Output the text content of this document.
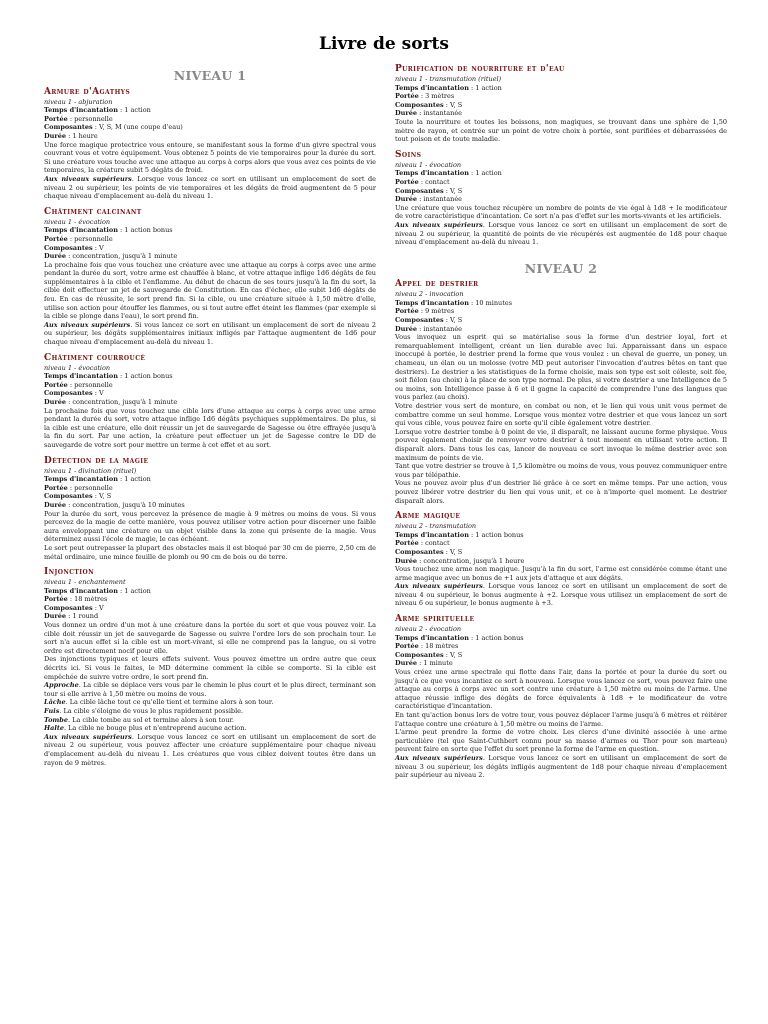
Livre de sorts
NIVEAU 1
Armure d'Agathys
niveau 1 - abjuration
Temps d'incantation : 1 action
Portée : personnelle
Composantes : V, S, M (une coupe d'eau)
Durée : 1 heure

Une force magique protectrice vous entoure, se manifestant sous la forme d'un givre spectral vous couvrant vous et votre équipement. Vous obtenez 5 points de vie temporaires pour la durée du sort. Si une créature vous touche avec une attaque au corps à corps alors que vous avez ces points de vie temporaires, la créature subit 5 dégâts de froid.

Aux niveaux supérieurs. Lorsque vous lancez ce sort en utilisant un emplacement de sort de niveau 2 ou supérieur, les points de vie temporaires et les dégâts de froid augmentent de 5 pour chaque niveau d'emplacement au-delà du niveau 1.

Châtiment calcinant
niveau 1 - évocation
Temps d'incantation : 1 action bonus
Portée : personnelle
Composantes : V
Durée : concentration, jusqu'à 1 minute

La prochaine fois que vous touchez une créature avec une attaque au corps à corps avec une arme pendant la durée du sort, votre arme est chauffée à blanc, et votre attaque inflige 1d6 dégâts de feu supplémentaires à la cible et l'enflamme. Au début de chacun de ses tours jusqu'à la fin du sort, la cible doit effectuer un jet de sauvegarde de Constitution. En cas d'échec, elle subit 1d6 dégâts de feu. En cas de réussite, le sort prend fin. Si la cible, ou une créature située à 1,50 mètre d'elle, utilise son action pour étouffer les flammes, ou si tout autre effet éteint les flammes (par exemple si la cible se plonge dans l'eau), le sort prend fin.

Aux niveaux supérieurs. Si vous lancez ce sort en utilisant un emplacement de sort de niveau 2 ou supérieur, les dégâts supplémentaires initiaux infligés par l'attaque augmentent de 1d6 pour chaque niveau d'emplacement au-delà du niveau 1.

Châtiment courroucé
niveau 1 - évocation
Temps d'incantation : 1 action bonus
Portée : personnelle
Composantes : V
Durée : concentration, jusqu'à 1 minute

La prochaine fois que vous touchez une cible lors d'une attaque au corps à corps avec une arme pendant la durée du sort, votre attaque inflige 1d6 dégâts psychiques supplémentaires. De plus, si la cible est une créature, elle doit réussir un jet de sauvegarde de Sagesse ou être effrayée jusqu'à la fin du sort. Par une action, la créature peut effectuer un jet de Sagesse contre le DD de sauvegarde de votre sort pour mettre un terme à cet effet et au sort.

Détection de la magie
niveau 1 - divination (rituel)
Temps d'incantation : 1 action
Portée : personnelle
Composantes : V, S
Durée : concentration, jusqu'à 10 minutes

Pour la durée du sort, vous percevez la présence de magie à 9 mètres ou moins de vous. Si vous percevez de la magie de cette manière, vous pouvez utiliser votre action pour discerner une faible aura enveloppant une créature ou un objet visible dans la zone qui présente de la magie. Vous déterminez aussi l'école de magie, le cas échéant.

Le sort peut outrepasser la plupart des obstacles mais il est bloqué par 30 cm de pierre, 2,50 cm de métal ordinaire, une mince feuille de plomb ou 90 cm de bois ou de terre.

Injonction
niveau 1 - enchantement
Temps d'incantation : 1 action
Portée : 18 mètres
Composantes : V
Durée : 1 round

Vous donnez un ordre d'un mot à une créature dans la portée du sort et que vous pouvez voir. La cible doit réussir un jet de sauvegarde de Sagesse ou suivre l'ordre lors de son prochain tour. Le sort n'a aucun effet si la cible est un mort-vivant, si elle ne comprend pas la langue, ou si votre ordre est directement nocif pour elle.

Des injonctions typiques et leurs effets suivent. Vous pouvez émettre un ordre autre que ceux décrits ici. Si vous le faites, le MD détermine comment la cible se comporte. Si la cible est empêchée de suivre votre ordre, le sort prend fin.

Approche. La cible se déplace vers vous par le chemin le plus court et le plus direct, terminant son tour si elle arrive à 1,50 mètre ou moins de vous.

Lâche. La cible lâche tout ce qu'elle tient et termine alors à son tour.

Fuis. La cible s'éloigne de vous le plus rapidement possible.

Tombe. La cible tombe au sol et termine alors à son tour.

Halte. La cible ne bouge plus et n'entreprend aucune action.

Aux niveaux supérieurs. Lorsque vous lancez ce sort en utilisant un emplacement de sort de niveau 2 ou supérieur, vous pouvez affecter une créature supplémentaire pour chaque niveau d'emplacement au-delà du niveau 1. Les créatures que vous ciblez doivent toutes être dans un rayon de 9 mètres.

Purification de nourriture et d'eau
niveau 1 - transmutation (rituel)
Temps d'incantation : 1 action
Portée : 3 mètres
Composantes : V, S
Durée : instantanée

Toute la nourriture et toutes les boissons, non magiques, se trouvant dans une sphère de 1,50 mètre de rayon, et centrée sur un point de votre choix à portée, sont purifiées et débarrassées de tout poison et de toute maladie.

Soins
niveau 1 - évocation
Temps d'incantation : 1 action
Portée : contact
Composantes : V, S
Durée : instantanée

Une créature que vous touchez récupère un nombre de points de vie égal à 1d8 + le modificateur de votre caractéristique d'incantation. Ce sort n'a pas d'effet sur les morts-vivants et les artificiels.

Aux niveaux supérieurs. Lorsque vous lancez ce sort en utilisant un emplacement de sort de niveau 2 ou supérieur, la quantité de points de vie récupérés est augmentée de 1d8 pour chaque niveau d'emplacement au-delà du niveau 1.

NIVEAU 2
Appel de destrier
niveau 2 - invocation
Temps d'incantation : 10 minutes
Portée : 9 mètres
Composantes : V, S
Durée : instantanée

Vous invoquez un esprit qui se matérialise sous la forme d'un destrier loyal, fort et remarquablement intelligent, créant un lien durable avec lui. Apparaissant dans un espace inoccupé à portée, le destrier prend la forme que vous voulez : un cheval de guerre, un poney, un chameau, un élan ou un molosse (votre MD peut autoriser l'invocation d'autres bêtes en tant que destriers). Le destrier a les statistiques de la forme choisie, mais son type est soit céleste, soit fée, soit fiélon (au choix) à la place de son type normal. De plus, si votre destrier a une Intelligence de 5 ou moins, son Intelligence passe à 6 et il gagne la capacité de comprendre l'une des langues que vous parlez (au choix).

Votre destrier vous sert de monture, en combat ou non, et le lien qui vous unit vous permet de combattre comme un seul homme. Lorsque vous montez votre destrier et que vous lancez un sort qui vous cible, vous pouvez faire en sorte qu'il cible également votre destrier.

Lorsque votre destrier tombe à 0 point de vie, il disparaît, ne laissant aucune forme physique. Vous pouvez également choisir de renvoyer votre destrier à tout moment en utilisant votre action. Il disparaît alors. Dans tous les cas, lancer de nouveau ce sort invoque le même destrier avec son maximum de points de vie.

Tant que votre destrier se trouve à 1,5 kilomètre ou moins de vous, vous pouvez communiquer entre vous par télépathie.

Vous ne pouvez avoir plus d'un destrier lié grâce à ce sort en même temps. Par une action, vous pouvez libérer votre destrier du lien qui vous unit, et ce à n'importe quel moment. Le destrier disparaît alors.

Arme magique
niveau 2 - transmutation
Temps d'incantation : 1 action bonus
Portée : contact
Composantes : V, S
Durée : concentration, jusqu'à 1 heure

Vous touchez une arme non magique. Jusqu'à la fin du sort, l'arme est considérée comme étant une arme magique avec un bonus de +1 aux jets d'attaque et aux dégâts.

Aux niveaux supérieurs. Lorsque vous lancez ce sort en utilisant un emplacement de sort de niveau 4 ou supérieur, le bonus augmente à +2. Lorsque vous utilisez un emplacement de sort de niveau 6 ou supérieur, le bonus augmente à +3.

Arme spirituelle
niveau 2 - évocation
Temps d'incantation : 1 action bonus
Portée : 18 mètres
Composantes : V, S
Durée : 1 minute

Vous créez une arme spectrale qui flotte dans l'air, dans la portée et pour la durée du sort ou jusqu'à ce que vous incantiez ce sort à nouveau. Lorsque vous lancez ce sort, vous pouvez faire une attaque au corps à corps avec un sort contre une créature à 1,50 mètre ou moins de l'arme. Une attaque réussie inflige des dégâts de force équivalents à 1d8 + le modificateur de votre caractéristique d'incantation.

En tant qu'action bonus lors de votre tour, vous pouvez déplacer l'arme jusqu'à 6 mètres et réitérer l'attaque contre une créature à 1,50 mètre ou moins de l'arme.

L'arme peut prendre la forme de votre choix. Les clercs d'une divinité associée à une arme particulière (tel que Saint-Cuthbert connu pour sa masse d'armes ou Thor pour son marteau) peuvent faire en sorte que l'effet du sort prenne la forme de l'arme en question.

Aux niveaux supérieurs. Lorsque vous lancez ce sort en utilisant un emplacement de sort de niveau 3 ou supérieur, les dégâts infligés augmentent de 1d8 pour chaque niveau d'emplacement pair supérieur au niveau 2.
